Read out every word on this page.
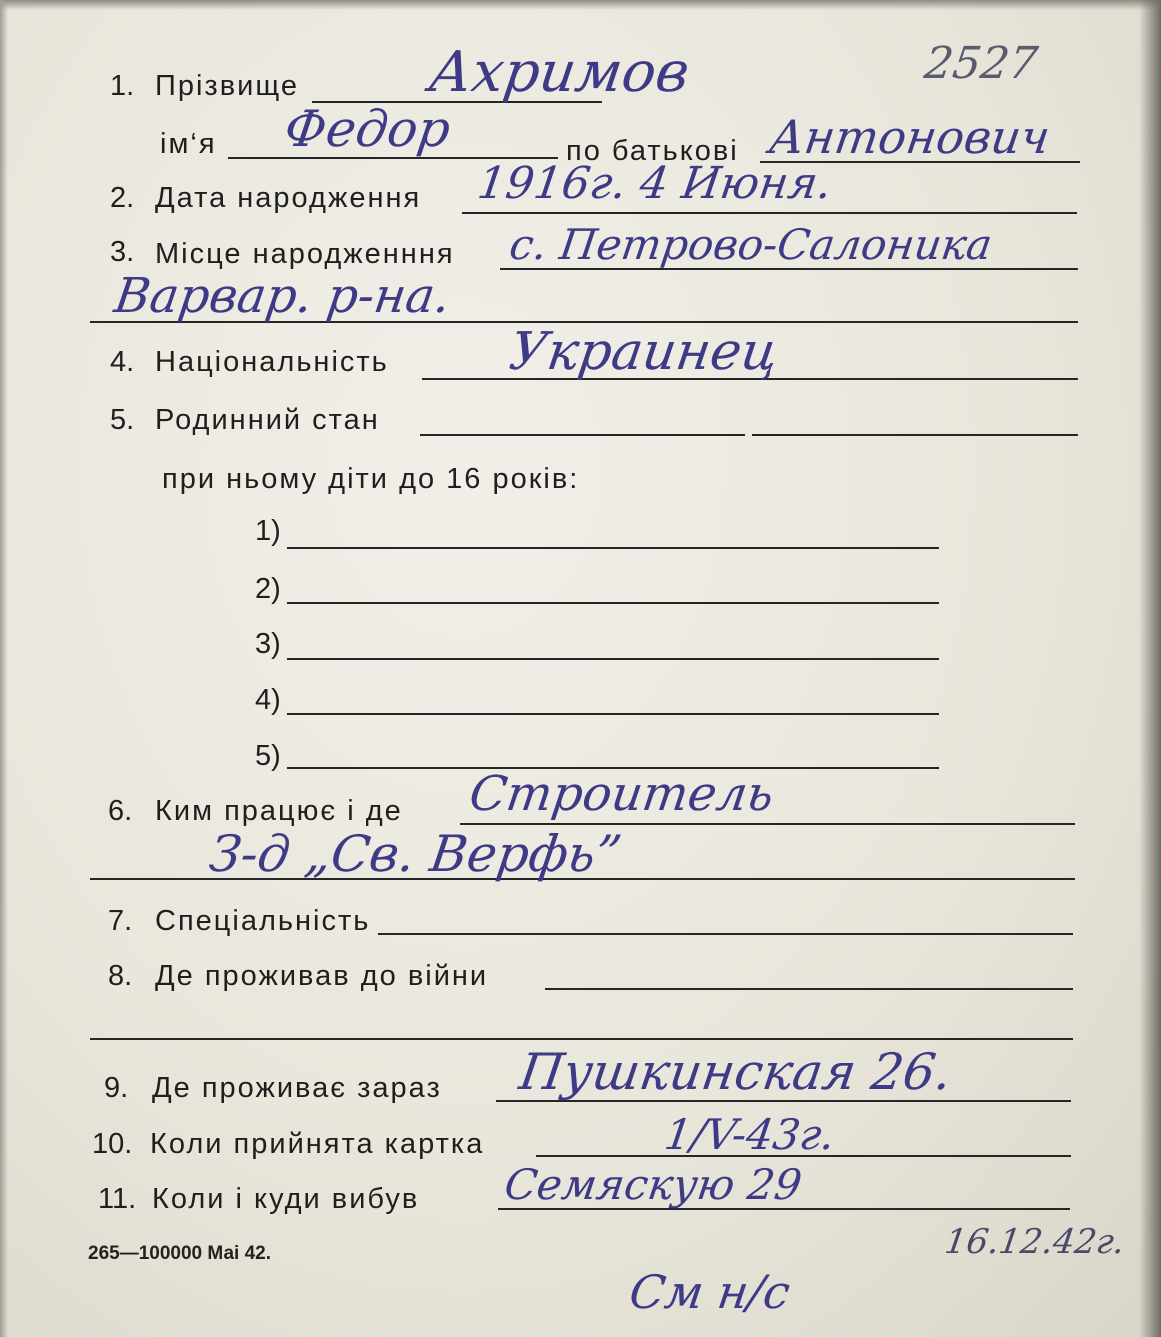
1. Прізвище Ахримов	2527
ім‘я Федор	по батькові Антонович
2. Дата народження 1916г. 4 Июня.
3. Місце народженння с. Петрово-Салоника
Варвар. р-на.
4. Національність Украинец
5. Родинний стан
при ньому діти до 16 років:
1)
2)
3)
4)
5)
6. Ким працює і де Строитель
З-д „Св. Верфь”
7. Спеціальність
8. Де проживав до війни
9. Де проживає зараз Пушкинская 26.
10. Коли прийнята картка	1/V-43г.
11. Коли і куди вибув Семяскую 29
16.12.42г.
265—100000 Маі 42.
См н/с
